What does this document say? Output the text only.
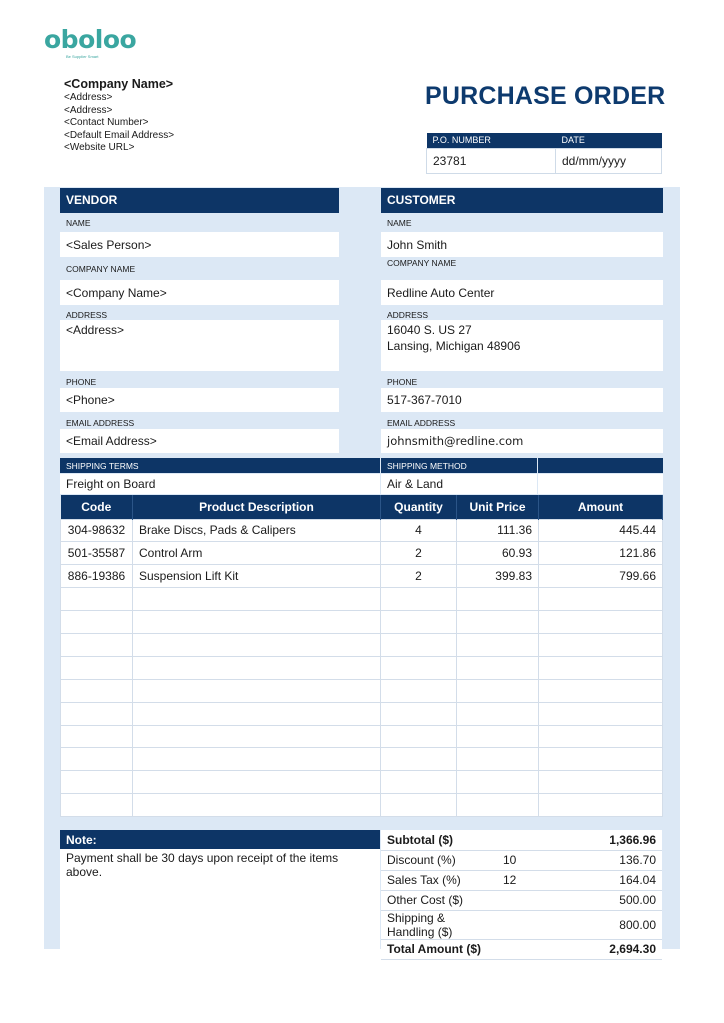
oboloo
Be Supplier Smart
<Company Name>
<Address>
<Address>
<Contact Number>
<Default Email Address>
<Website URL>
PURCHASE ORDER
P.O. NUMBER	DATE
23781	dd/mm/yyyy
VENDOR	CUSTOMER
NAME	NAME
<Sales Person>	John Smith
COMPANY NAME
COMPANY NAME
<Company Name>	Redline Auto Center
ADDRESS	ADDRESS
<Address>	16040 S. US 27
Lansing, Michigan 48906
PHONE	PHONE
<Phone>	517-367-7010
EMAIL ADDRESS	EMAIL ADDRESS
<Email Address>	johnsmith@redline.com
SHIPPING TERMS	SHIPPING METHOD
Freight on Board	Air & Land
Code	Product Description	Quantity	Unit Price	Amount
304-98632	Brake Discs, Pads & Calipers	4	111.36	445.44
501-35587	Control Arm	2	60.93	121.86
886-19386	Suspension Lift Kit	2	399.83	799.66

Note:
Payment shall be 30 days upon receipt of the items above.
Subtotal ($)		1,366.96
Discount (%)	10	136.70
Sales Tax (%)	12	164.04
Other Cost ($)		500.00
Shipping & Handling ($)		800.00
Total Amount ($)		2,694.30
